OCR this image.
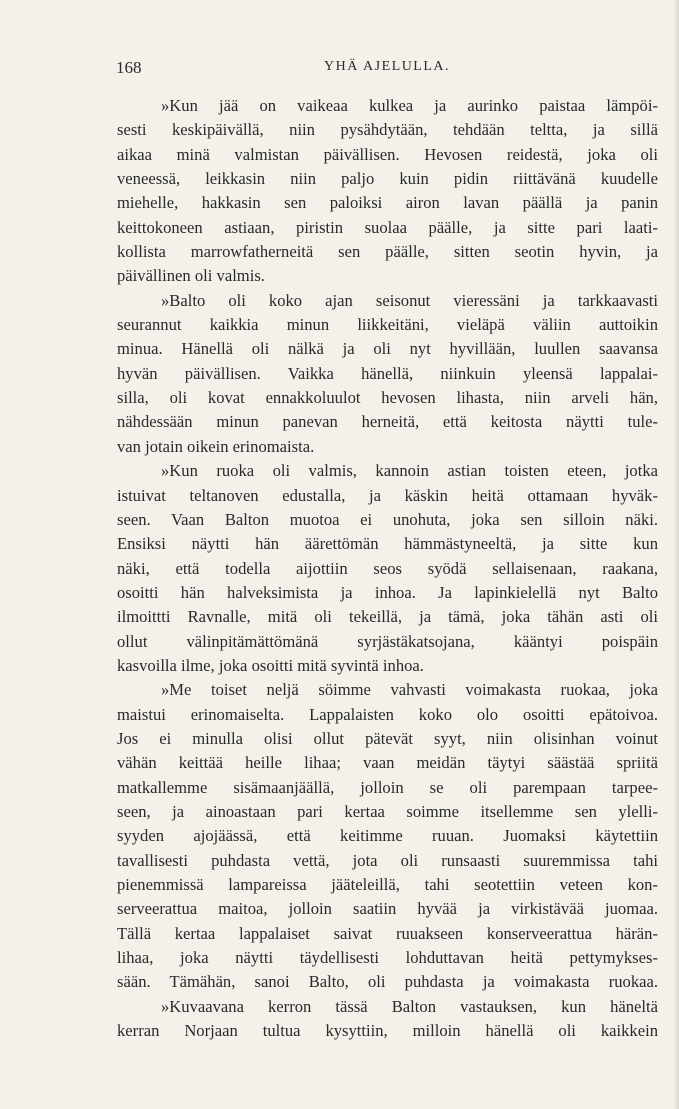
168	YHÄ AJELULLA.
»Kun jää on vaikeaa kulkea ja aurinko paistaa lämpöi-
sesti keskipäivällä, niin pysähdytään, tehdään teltta, ja sillä
aikaa minä valmistan päivällisen. Hevosen reidestä, joka oli
veneessä, leikkasin niin paljo kuin pidin riittävänä kuudelle
miehelle, hakkasin sen paloiksi airon lavan päällä ja panin
keittokoneen astiaan, piristin suolaa päälle, ja sitte pari laati-
kollista marrowfatherneitä sen päälle, sitten seotin hyvin, ja
päivällinen oli valmis.
»Balto oli koko ajan seisonut vieressäni ja tarkkaavasti
seurannut kaikkia minun liikkeitäni, vieläpä väliin auttoikin
minua. Hänellä oli nälkä ja oli nyt hyvillään, luullen saavansa
hyvän päivällisen. Vaikka hänellä, niinkuin yleensä lappalai-
silla, oli kovat ennakkoluulot hevosen lihasta, niin arveli hän,
nähdessään minun panevan herneitä, että keitosta näytti tule-
van jotain oikein erinomaista.
»Kun ruoka oli valmis, kannoin astian toisten eteen, jotka
istuivat teltanoven edustalla, ja käskin heitä ottamaan hyväk-
seen. Vaan Balton muotoa ei unohuta, joka sen silloin näki.
Ensiksi näytti hän äärettömän hämmästyneeltä, ja sitte kun
näki, että todella aijottiin seos syödä sellaisenaan, raakana,
osoitti hän halveksimista ja inhoa. Ja lapinkielellä nyt Balto
ilmoittti Ravnalle, mitä oli tekeillä, ja tämä, joka tähän asti oli
ollut välinpitämättömänä syrjästäkatsojana, kääntyi poispäin
kasvoilla ilme, joka osoitti mitä syvintä inhoa.
»Me toiset neljä söimme vahvasti voimakasta ruokaa, joka
maistui erinomaiselta. Lappalaisten koko olo osoitti epätoivoa.
Jos ei minulla olisi ollut pätevät syyt, niin olisinhan voinut
vähän keittää heille lihaa; vaan meidän täytyi säästää spriitä
matkallemme sisämaanjäällä, jolloin se oli parempaan tarpee-
seen, ja ainoastaan pari kertaa soimme itsellemme sen ylelli-
syyden ajojäässä, että keitimme ruuan. Juomaksi käytettiin
tavallisesti puhdasta vettä, jota oli runsaasti suuremmissa tahi
pienemmissä lampareissa jääteleillä, tahi seotettiin veteen kon-
serveerattua maitoa, jolloin saatiin hyvää ja virkistävää juomaa.
Tällä kertaa lappalaiset saivat ruuakseen konserveerattua härän-
lihaa, joka näytti täydellisesti lohduttavan heitä pettymykses-
sään. Tämähän, sanoi Balto, oli puhdasta ja voimakasta ruokaa.
»Kuvaavana kerron tässä Balton vastauksen, kun häneltä
kerran Norjaan tultua kysyttiin, milloin hänellä oli kaikkein
